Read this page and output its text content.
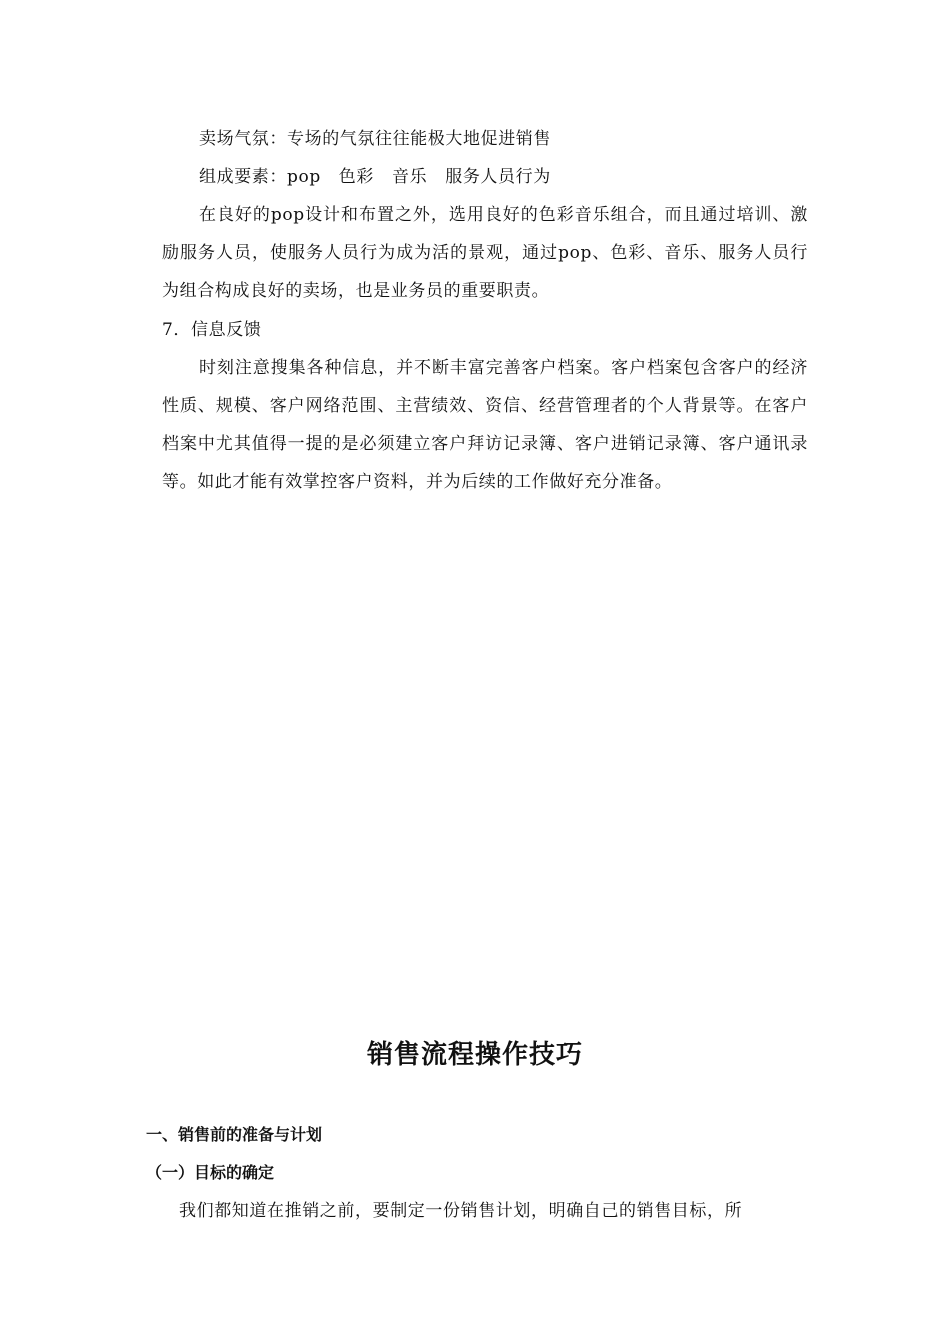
卖场气氛：专场的气氛往往能极大地促进销售
组成要素：pop   色彩   音乐   服务人员行为

在良好的pop设计和布置之外，选用良好的色彩音乐组合，而且通过培训、激励服务人员，使服务人员行为成为活的景观，通过pop、色彩、音乐、服务人员行为组合构成良好的卖场，也是业务员的重要职责。

7．信息反馈

时刻注意搜集各种信息，并不断丰富完善客户档案。客户档案包含客户的经济性质、规模、客户网络范围、主营绩效、资信、经营管理者的个人背景等。在客户档案中尤其值得一提的是必须建立客户拜访记录簿、客户进销记录簿、客户通讯录等。如此才能有效掌控客户资料，并为后续的工作做好充分准备。

销售流程操作技巧
一、销售前的准备与计划
（一）目标的确定
我们都知道在推销之前，要制定一份销售计划，明确自己的销售目标，所
